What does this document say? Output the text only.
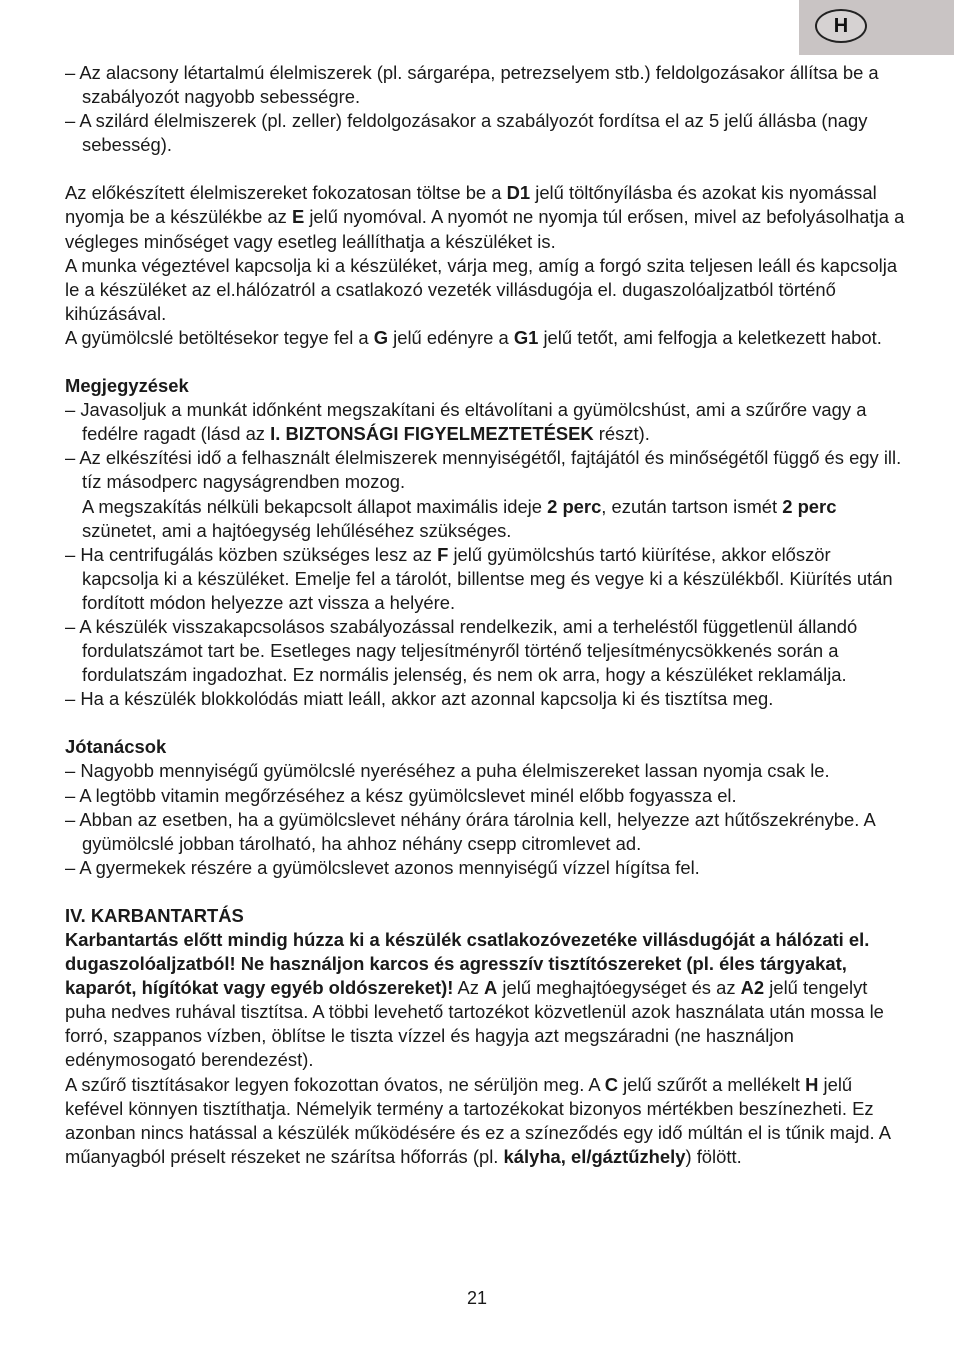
H

– Az alacsony létartalmú élelmiszerek (pl. sárgarépa, petrezselyem stb.) feldolgozásakor állítsa be a szabályozót nagyobb sebességre.

– A szilárd élelmiszerek (pl. zeller) feldolgozásakor a szabályozót fordítsa el az 5 jelű állásba (nagy sebesség).

Az előkészített élelmiszereket fokozatosan töltse be a D1 jelű töltőnyílásba és azokat kis nyomással nyomja be a készülékbe az E jelű nyomóval. A nyomót ne nyomja túl erősen, mivel az befolyásolhatja a végleges minőséget vagy esetleg leállíthatja a készüléket is.

A munka végeztével kapcsolja ki a készüléket, várja meg, amíg a forgó szita teljesen leáll és kapcsolja le a készüléket az el.hálózatról a csatlakozó vezeték villásdugója el. dugaszolóaljzatból történő kihúzásával.

A gyümölcslé betöltésekor tegye fel a G jelű edényre a G1 jelű tetőt, ami felfogja a keletkezett habot.

Megjegyzések

– Javasoljuk a munkát időnként megszakítani és eltávolítani a gyümölcshúst, ami a szűrőre vagy a fedélre ragadt (lásd az I. BIZTONSÁGI FIGYELMEZTETÉSEK részt).

– Az elkészítési idő a felhasznált élelmiszerek mennyiségétől, fajtájától és minőségétől függő és egy ill. tíz másodperc nagyságrendben mozog.

A megszakítás nélküli bekapcsolt állapot maximális ideje 2 perc, ezután tartson ismét 2 perc szünetet, ami a hajtóegység lehűléséhez szükséges.

– Ha centrifugálás közben szükséges lesz az F jelű gyümölcshús tartó kiürítése, akkor először kapcsolja ki a készüléket. Emelje fel a tárolót, billentse meg és vegye ki a készülékből. Kiürítés után fordított módon helyezze azt vissza a helyére.

– A készülék visszakapcsolásos szabályozással rendelkezik, ami a terheléstől függetlenül állandó fordulatszámot tart be. Esetleges nagy teljesítményről történő teljesítménycsökkenés során a fordulatszám ingadozhat. Ez normális jelenség, és nem ok arra, hogy a készüléket reklamálja.

– Ha a készülék blokkolódás miatt leáll, akkor azt azonnal kapcsolja ki és tisztítsa meg.

Jótanácsok

– Nagyobb mennyiségű gyümölcslé nyeréséhez a puha élelmiszereket lassan nyomja csak le.

– A legtöbb vitamin megőrzéséhez a kész gyümölcslevet minél előbb fogyassza el.

– Abban az esetben, ha a gyümölcslevet néhány órára tárolnia kell, helyezze azt hűtőszekrénybe. A gyümölcslé jobban tárolható, ha ahhoz néhány csepp citromlevet ad.

– A gyermekek részére a gyümölcslevet azonos mennyiségű vízzel hígítsa fel.

IV. KARBANTARTÁS

Karbantartás előtt mindig húzza ki a készülék csatlakozóvezetéke villásdugóját a hálózati el. dugaszolóaljzatból! Ne használjon karcos és agresszív tisztítószereket (pl. éles tárgyakat, kaparót, hígítókat vagy egyéb oldószereket)! Az A jelű meghajtóegységet és az A2 jelű tengelyt puha nedves ruhával tisztítsa. A többi levehető tartozékot közvetlenül azok használata után mossa le forró, szappanos vízben, öblítse le tiszta vízzel és hagyja azt megszáradni (ne használjon edénymosogató berendezést).

A szűrő tisztításakor legyen fokozottan óvatos, ne sérüljön meg. A C jelű szűrőt a mellékelt H jelű kefével könnyen tisztíthatja. Némelyik termény a tartozékokat bizonyos mértékben beszínezheti. Ez azonban nincs hatással a készülék működésére és ez a színeződés egy idő múltán el is tűnik majd. A műanyagból préselt részeket ne szárítsa hőforrás (pl. kályha, el/gáztűzhely) fölött.

21
